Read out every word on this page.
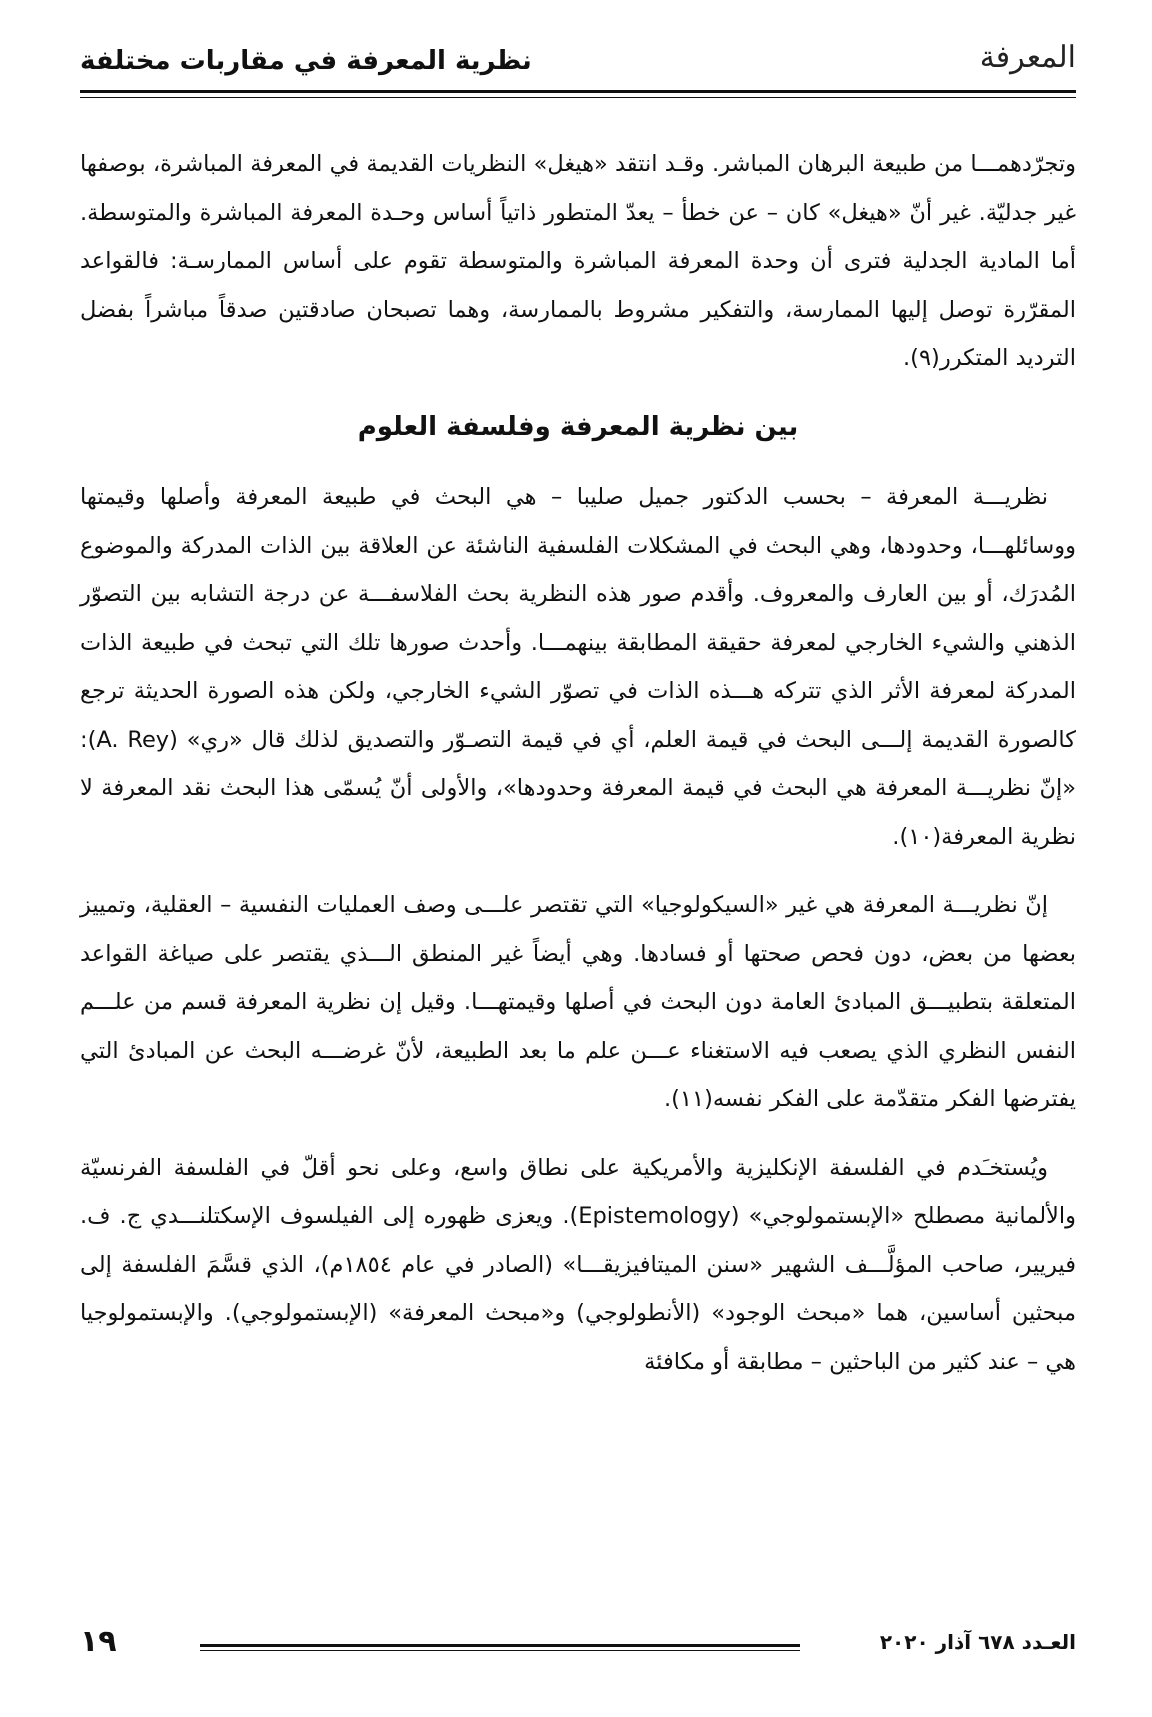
نظرية المعرفة في مقاربات مختلفة	المعرفة

وتجرّدهمـــا من طبيعة البرهان المباشر. وقـد انتقد «هيغل» النظريات القديمة في المعرفة المباشرة، بوصفها غير جدليّة. غير أنّ «هيغل» كان – عن خطأ – يعدّ المتطور ذاتياً أساس وحـدة المعرفة المباشرة والمتوسطة. أما المادية الجدلية فترى أن وحدة المعرفة المباشرة والمتوسطة تقوم على أساس الممارسـة: فالقواعد المقرّرة توصل إليها الممارسة، والتفكير مشروط بالممارسة، وهما تصبحان صادقتين صدقاً مباشراً بفضل الترديد المتكرر(٩).

بين نظرية المعرفة وفلسفة العلوم

نظريـــة المعرفة – بحسب الدكتور جميل صليبا – هي البحث في طبيعة المعرفة وأصلها وقيمتها ووسائلهـــا، وحدودها، وهي البحث في المشكلات الفلسفية الناشئة عن العلاقة بين الذات المدركة والموضوع المُدرَك، أو بين العارف والمعروف. وأقدم صور هذه النظرية بحث الفلاسفـــة عن درجة التشابه بين التصوّر الذهني والشيء الخارجي لمعرفة حقيقة المطابقة بينهمـــا. وأحدث صورها تلك التي تبحث في طبيعة الذات المدركة لمعرفة الأثر الذي تتركه هـــذه الذات في تصوّر الشيء الخارجي، ولكن هذه الصورة الحديثة ترجع كالصورة القديمة إلـــى البحث في قيمة العلم، أي في قيمة التصـوّر والتصديق لذلك قال «ري» (A. Rey): «إنّ نظريـــة المعرفة هي البحث في قيمة المعرفة وحدودها»، والأولى أنّ يُسمّى هذا البحث نقد المعرفة لا نظرية المعرفة(١٠).

إنّ نظريـــة المعرفة هي غير «السيكولوجيا» التي تقتصر علـــى وصف العمليات النفسية – العقلية، وتمييز بعضها من بعض، دون فحص صحتها أو فسادها. وهي أيضاً غير المنطق الـــذي يقتصر على صياغة القواعد المتعلقة بتطبيـــق المبادئ العامة دون البحث في أصلها وقيمتهـــا. وقيل إن نظرية المعرفة قسم من علـــم النفس النظري الذي يصعب فيه الاستغناء عـــن علم ما بعد الطبيعة، لأنّ غرضـــه البحث عن المبادئ التي يفترضها الفكر متقدّمة على الفكر نفسه(١١).

ويُستخـَدم في الفلسفة الإنكليزية والأمريكية على نطاق واسع، وعلى نحو أقلّ في الفلسفة الفرنسيّة والألمانية مصطلح «الإبستمولوجي» (Epistemology). ويعزى ظهوره إلى الفيلسوف الإسكتلنـــدي ج. ف. فيريير، صاحب المؤلَّـــف الشهير «سنن الميتافيزيقـــا» (الصادر في عام ١٨٥٤م)، الذي قسَّمَ الفلسفة إلى مبحثين أساسين، هما «مبحث الوجود» (الأنطولوجي) و«مبحث المعرفة» (الإبستمولوجي). والإبستمولوجيا هي – عند كثير من الباحثين – مطابقة أو مكافئة

١٩	العـدد ٦٧٨ آذار ٢٠٢٠
